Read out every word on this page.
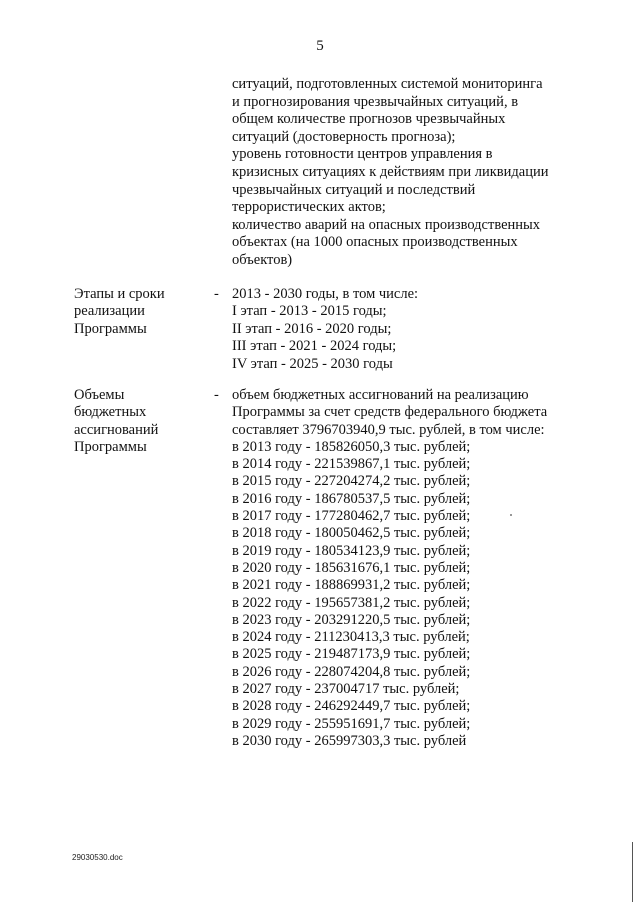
5
ситуаций, подготовленных системой мониторинга
и прогнозирования чрезвычайных ситуаций, в
общем количестве прогнозов чрезвычайных
ситуаций (достоверность прогноза);
уровень готовности центров управления в
кризисных ситуациях к действиям при ликвидации
чрезвычайных ситуаций и последствий
террористических актов;
количество аварий на опасных производственных
объектах (на 1000 опасных производственных
объектов)
Этапы и сроки
реализации
Программы
- 2013 - 2030 годы, в том числе:
I этап - 2013 - 2015 годы;
II этап - 2016 - 2020 годы;
III этап - 2021 - 2024 годы;
IV этап - 2025 - 2030 годы
Объемы
бюджетных
ассигнований
Программы
- объем бюджетных ассигнований на реализацию
Программы за счет средств федерального бюджета
составляет 3796703940,9 тыс. рублей, в том числе:
в 2013 году - 185826050,3 тыс. рублей;
в 2014 году - 221539867,1 тыс. рублей;
в 2015 году - 227204274,2 тыс. рублей;
в 2016 году - 186780537,5 тыс. рублей;
в 2017 году - 177280462,7 тыс. рублей;
в 2018 году - 180050462,5 тыс. рублей;
в 2019 году - 180534123,9 тыс. рублей;
в 2020 году - 185631676,1 тыс. рублей;
в 2021 году - 188869931,2 тыс. рублей;
в 2022 году - 195657381,2 тыс. рублей;
в 2023 году - 203291220,5 тыс. рублей;
в 2024 году - 211230413,3 тыс. рублей;
в 2025 году - 219487173,9 тыс. рублей;
в 2026 году - 228074204,8 тыс. рублей;
в 2027 году - 237004717 тыс. рублей;
в 2028 году - 246292449,7 тыс. рублей;
в 2029 году - 255951691,7 тыс. рублей;
в 2030 году - 265997303,3 тыс. рублей
29030530.doc
